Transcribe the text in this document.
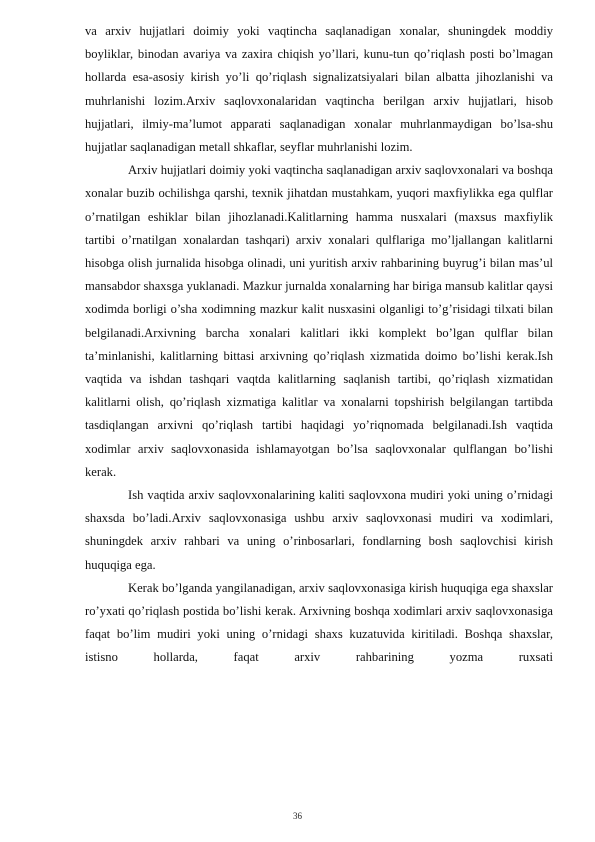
va arxiv hujjatlari doimiy yoki vaqtincha saqlanadigan xonalar, shuningdek moddiy boyliklar, binodan avariya va zaxira chiqish yo’llari, kunu-tun qo’riqlash posti bo’lmagan hollarda esa-asosiy kirish yo’li qo’riqlash signalizatsiyalari bilan albatta jihozlanishi va muhrlanishi lozim.Arxiv saqlovxonalaridan vaqtincha berilgan arxiv hujjatlari, hisob hujjatlari, ilmiy-ma’lumot apparati saqlanadigan xonalar muhrlanmaydigan bo’lsa-shu hujjatlar saqlanadigan metall shkaflar, seyflar muhrlanishi lozim.

Arxiv hujjatlari doimiy yoki vaqtincha saqlanadigan arxiv saqlovxonalari va boshqa xonalar buzib ochilishga qarshi, texnik jihatdan mustahkam, yuqori maxfiylikka ega qulflar o’rnatilgan eshiklar bilan jihozlanadi.Kalitlarning hamma nusxalari (maxsus maxfiylik tartibi o’rnatilgan xonalardan tashqari) arxiv xonalari qulflariga mo’ljallangan kalitlarni hisobga olish jurnalida hisobga olinadi, uni yuritish arxiv rahbarining buyrug’i bilan mas’ul mansabdor shaxsga yuklanadi. Mazkur jurnalda xonalarning har biriga mansub kalitlar qaysi xodimda borligi o’sha xodimning mazkur kalit nusxasini olganligi to’g’risidagi tilxati bilan belgilanadi.Arxivning barcha xonalari kalitlari ikki komplekt bo’lgan qulflar bilan ta’minlanishi, kalitlarning bittasi arxivning qo’riqlash xizmatida doimo bo’lishi kerak.Ish vaqtida va ishdan tashqari vaqtda kalitlarning saqlanish tartibi, qo’riqlash xizmatidan kalitlarni olish, qo’riqlash xizmatiga kalitlar va xonalarni topshirish belgilangan tartibda tasdiqlangan arxivni qo’riqlash tartibi haqidagi yo’riqnomada belgilanadi.Ish vaqtida xodimlar arxiv saqlovxonasida ishlamayotgan bo’lsa saqlovxonalar qulflangan bo’lishi kerak.

Ish vaqtida arxiv saqlovxonalarining kaliti saqlovxona mudiri yoki uning o’rnidagi shaxsda bo’ladi.Arxiv saqlovxonasiga ushbu arxiv saqlovxonasi mudiri va xodimlari, shuningdek arxiv rahbari va uning o’rinbosarlari, fondlarning bosh saqlovchisi kirish huquqiga ega.

Kerak bo’lganda yangilanadigan, arxiv saqlovxonasiga kirish huquqiga ega shaxslar ro’yxati qo’riqlash postida bo’lishi kerak. Arxivning boshqa xodimlari arxiv saqlovxonasiga faqat bo’lim mudiri yoki uning o’rnidagi shaxs kuzatuvida kiritiladi. Boshqa shaxslar, istisno hollarda, faqat arxiv rahbarining yozma ruxsati

36
